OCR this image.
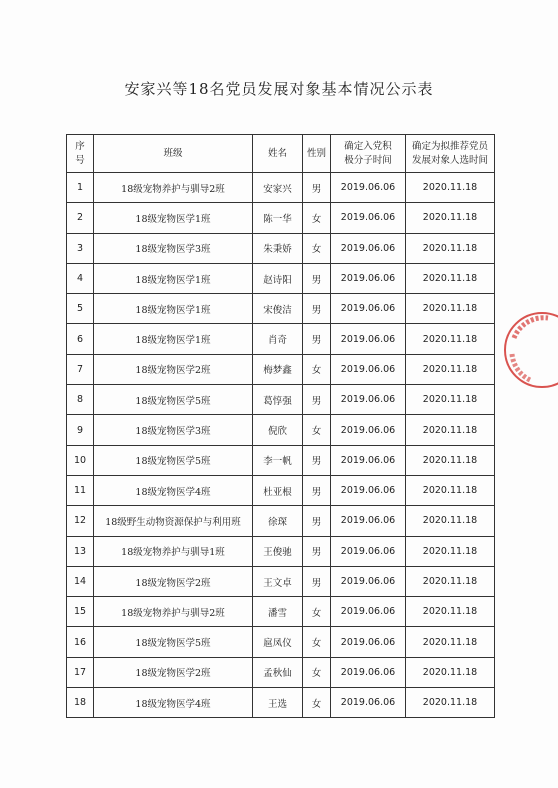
安家兴等18名党员发展对象基本情况公示表
序号	班级	姓名	性别	确定入党积极分子时间	确定为拟推荐党员发展对象人选时间
1	18级宠物养护与驯导2班	安家兴	男	2019.06.06	2020.11.18
2	18级宠物医学1班	陈一华	女	2019.06.06	2020.11.18
3	18级宠物医学3班	朱秉娇	女	2019.06.06	2020.11.18
4	18级宠物医学1班	赵诗阳	男	2019.06.06	2020.11.18
5	18级宠物医学1班	宋俊洁	男	2019.06.06	2020.11.18
6	18级宠物医学1班	肖奇	男	2019.06.06	2020.11.18
7	18级宠物医学2班	梅梦鑫	女	2019.06.06	2020.11.18
8	18级宠物医学5班	葛惇强	男	2019.06.06	2020.11.18
9	18级宠物医学3班	倪欣	女	2019.06.06	2020.11.18
10	18级宠物医学5班	李一帆	男	2019.06.06	2020.11.18
11	18级宠物医学4班	杜亚根	男	2019.06.06	2020.11.18
12	18级野生动物资源保护与利用班	徐琛	男	2019.06.06	2020.11.18
13	18级宠物养护与驯导1班	王俊驰	男	2019.06.06	2020.11.18
14	18级宠物医学2班	王文卓	男	2019.06.06	2020.11.18
15	18级宠物养护与驯导2班	潘雪	女	2019.06.06	2020.11.18
16	18级宠物医学5班	扈凤仪	女	2019.06.06	2020.11.18
17	18级宠物医学2班	孟秋仙	女	2019.06.06	2020.11.18
18	18级宠物医学4班	王选	女	2019.06.06	2020.11.18
